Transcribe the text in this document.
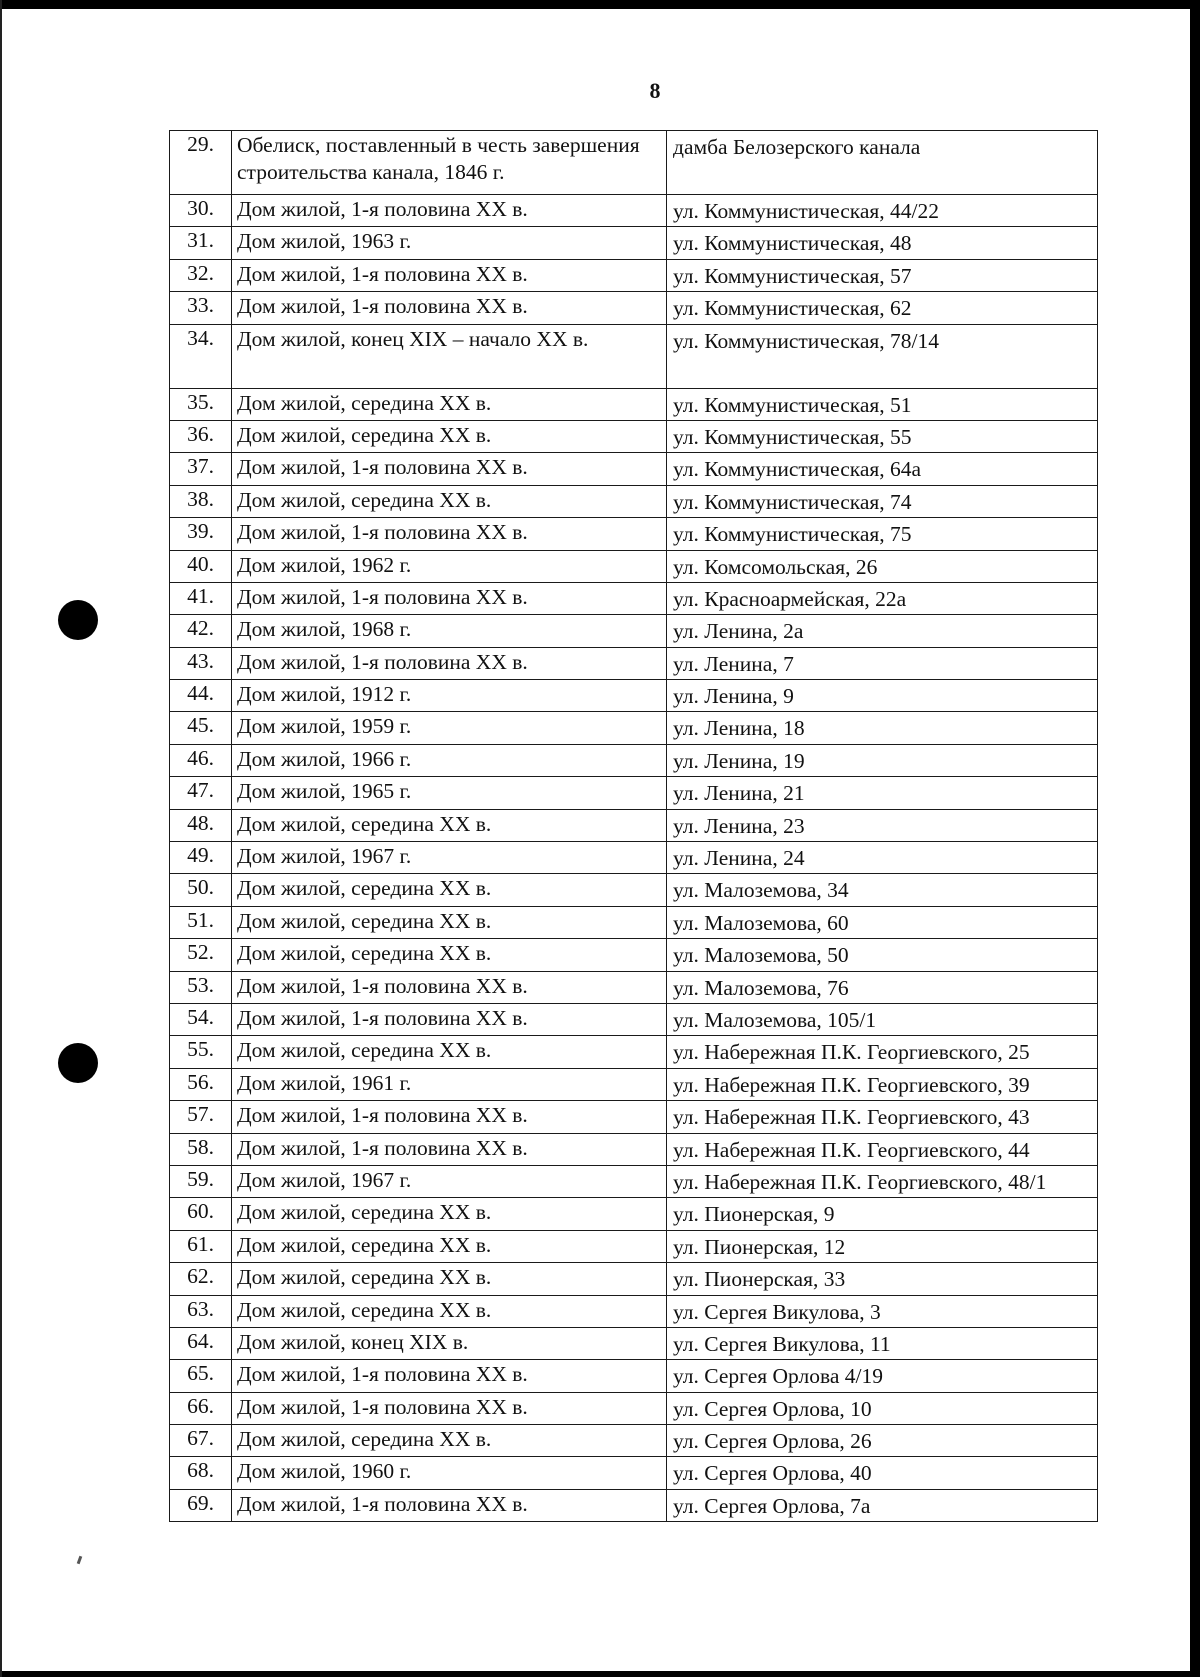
8
29.	Обелиск, поставленный в честь завершения строительства канала, 1846 г.	дамба Белозерского канала
30.	Дом жилой, 1-я половина XX в.	ул. Коммунистическая, 44/22
31.	Дом жилой, 1963 г.	ул. Коммунистическая, 48
32.	Дом жилой, 1-я половина XX в.	ул. Коммунистическая, 57
33.	Дом жилой, 1-я половина XX в.	ул. Коммунистическая, 62
34.	Дом жилой, конец XIX – начало XX в.	ул. Коммунистическая, 78/14
35.	Дом жилой, середина XX в.	ул. Коммунистическая, 51
36.	Дом жилой, середина XX в.	ул. Коммунистическая, 55
37.	Дом жилой, 1-я половина XX в.	ул. Коммунистическая, 64а
38.	Дом жилой, середина XX в.	ул. Коммунистическая, 74
39.	Дом жилой, 1-я половина XX в.	ул. Коммунистическая, 75
40.	Дом жилой, 1962 г.	ул. Комсомольская, 26
41.	Дом жилой, 1-я половина XX в.	ул. Красноармейская, 22а
42.	Дом жилой, 1968 г.	ул. Ленина, 2а
43.	Дом жилой, 1-я половина XX в.	ул. Ленина, 7
44.	Дом жилой, 1912 г.	ул. Ленина, 9
45.	Дом жилой, 1959 г.	ул. Ленина, 18
46.	Дом жилой, 1966 г.	ул. Ленина, 19
47.	Дом жилой, 1965 г.	ул. Ленина, 21
48.	Дом жилой, середина XX в.	ул. Ленина, 23
49.	Дом жилой, 1967 г.	ул. Ленина, 24
50.	Дом жилой, середина XX в.	ул. Малоземова, 34
51.	Дом жилой, середина XX в.	ул. Малоземова, 60
52.	Дом жилой, середина XX в.	ул. Малоземова, 50
53.	Дом жилой, 1-я половина XX в.	ул. Малоземова, 76
54.	Дом жилой, 1-я половина XX в.	ул. Малоземова, 105/1
55.	Дом жилой, середина XX в.	ул. Набережная П.К. Георгиевского, 25
56.	Дом жилой, 1961 г.	ул. Набережная П.К. Георгиевского, 39
57.	Дом жилой, 1-я половина XX в.	ул. Набережная П.К. Георгиевского, 43
58.	Дом жилой, 1-я половина XX в.	ул. Набережная П.К. Георгиевского, 44
59.	Дом жилой, 1967 г.	ул. Набережная П.К. Георгиевского, 48/1
60.	Дом жилой, середина XX в.	ул. Пионерская, 9
61.	Дом жилой, середина XX в.	ул. Пионерская, 12
62.	Дом жилой, середина XX в.	ул. Пионерская, 33
63.	Дом жилой, середина XX в.	ул. Сергея Викулова, 3
64.	Дом жилой, конец XIX в.	ул. Сергея Викулова, 11
65.	Дом жилой, 1-я половина XX в.	ул. Сергея Орлова 4/19
66.	Дом жилой, 1-я половина XX в.	ул. Сергея Орлова, 10
67.	Дом жилой, середина XX в.	ул. Сергея Орлова, 26
68.	Дом жилой, 1960 г.	ул. Сергея Орлова, 40
69.	Дом жилой, 1-я половина XX в.	ул. Сергея Орлова, 7а
